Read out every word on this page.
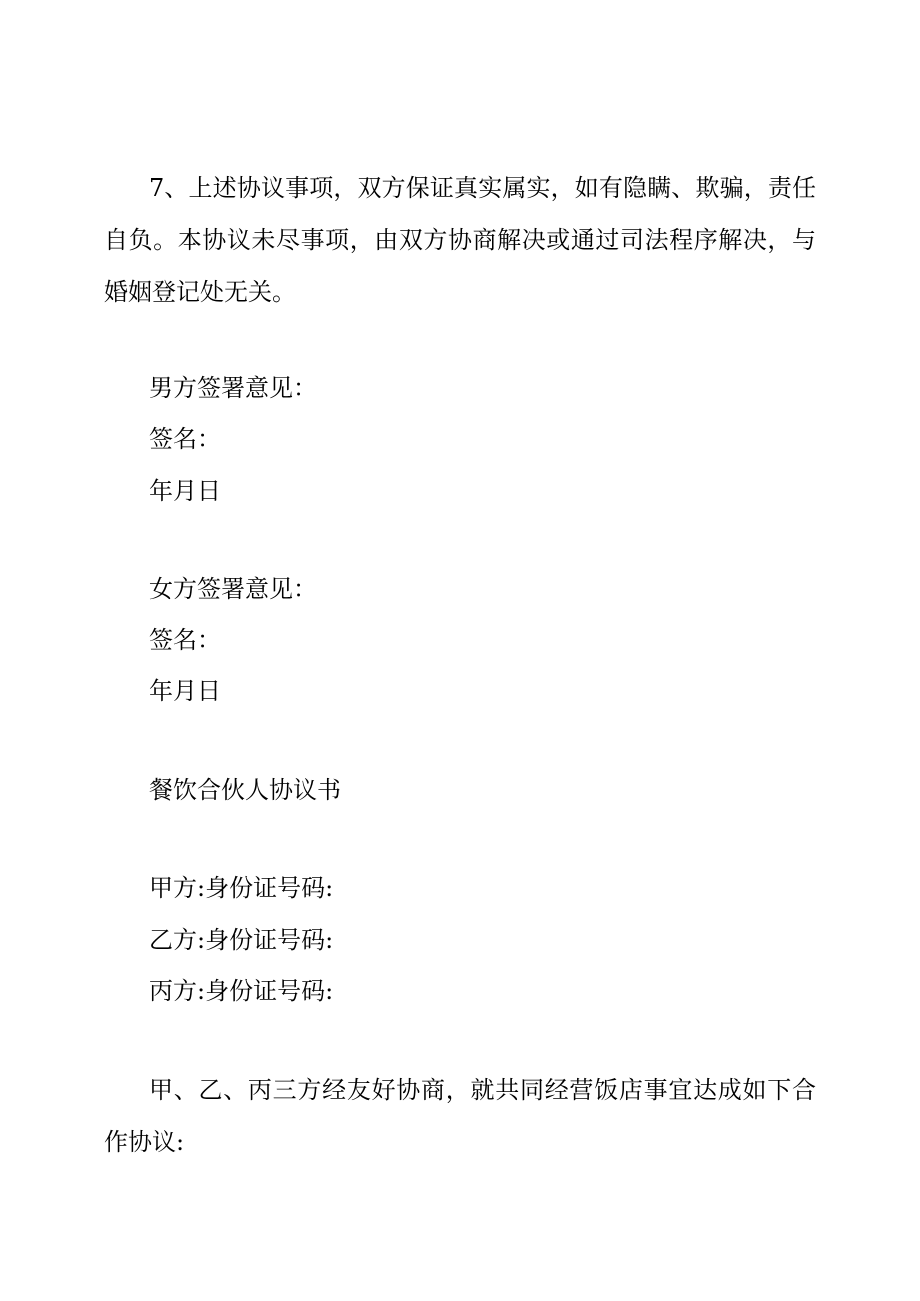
7、上述协议事项，双方保证真实属实，如有隐瞒、欺骗，责任自负。本协议未尽事项，由双方协商解决或通过司法程序解决，与婚姻登记处无关。

男方签署意见：
签名：
年月日
女方签署意见：
签名：
年月日
餐饮合伙人协议书
甲方:身份证号码:
乙方:身份证号码:
丙方:身份证号码:

甲、乙、丙三方经友好协商，就共同经营饭店事宜达成如下合作协议:
